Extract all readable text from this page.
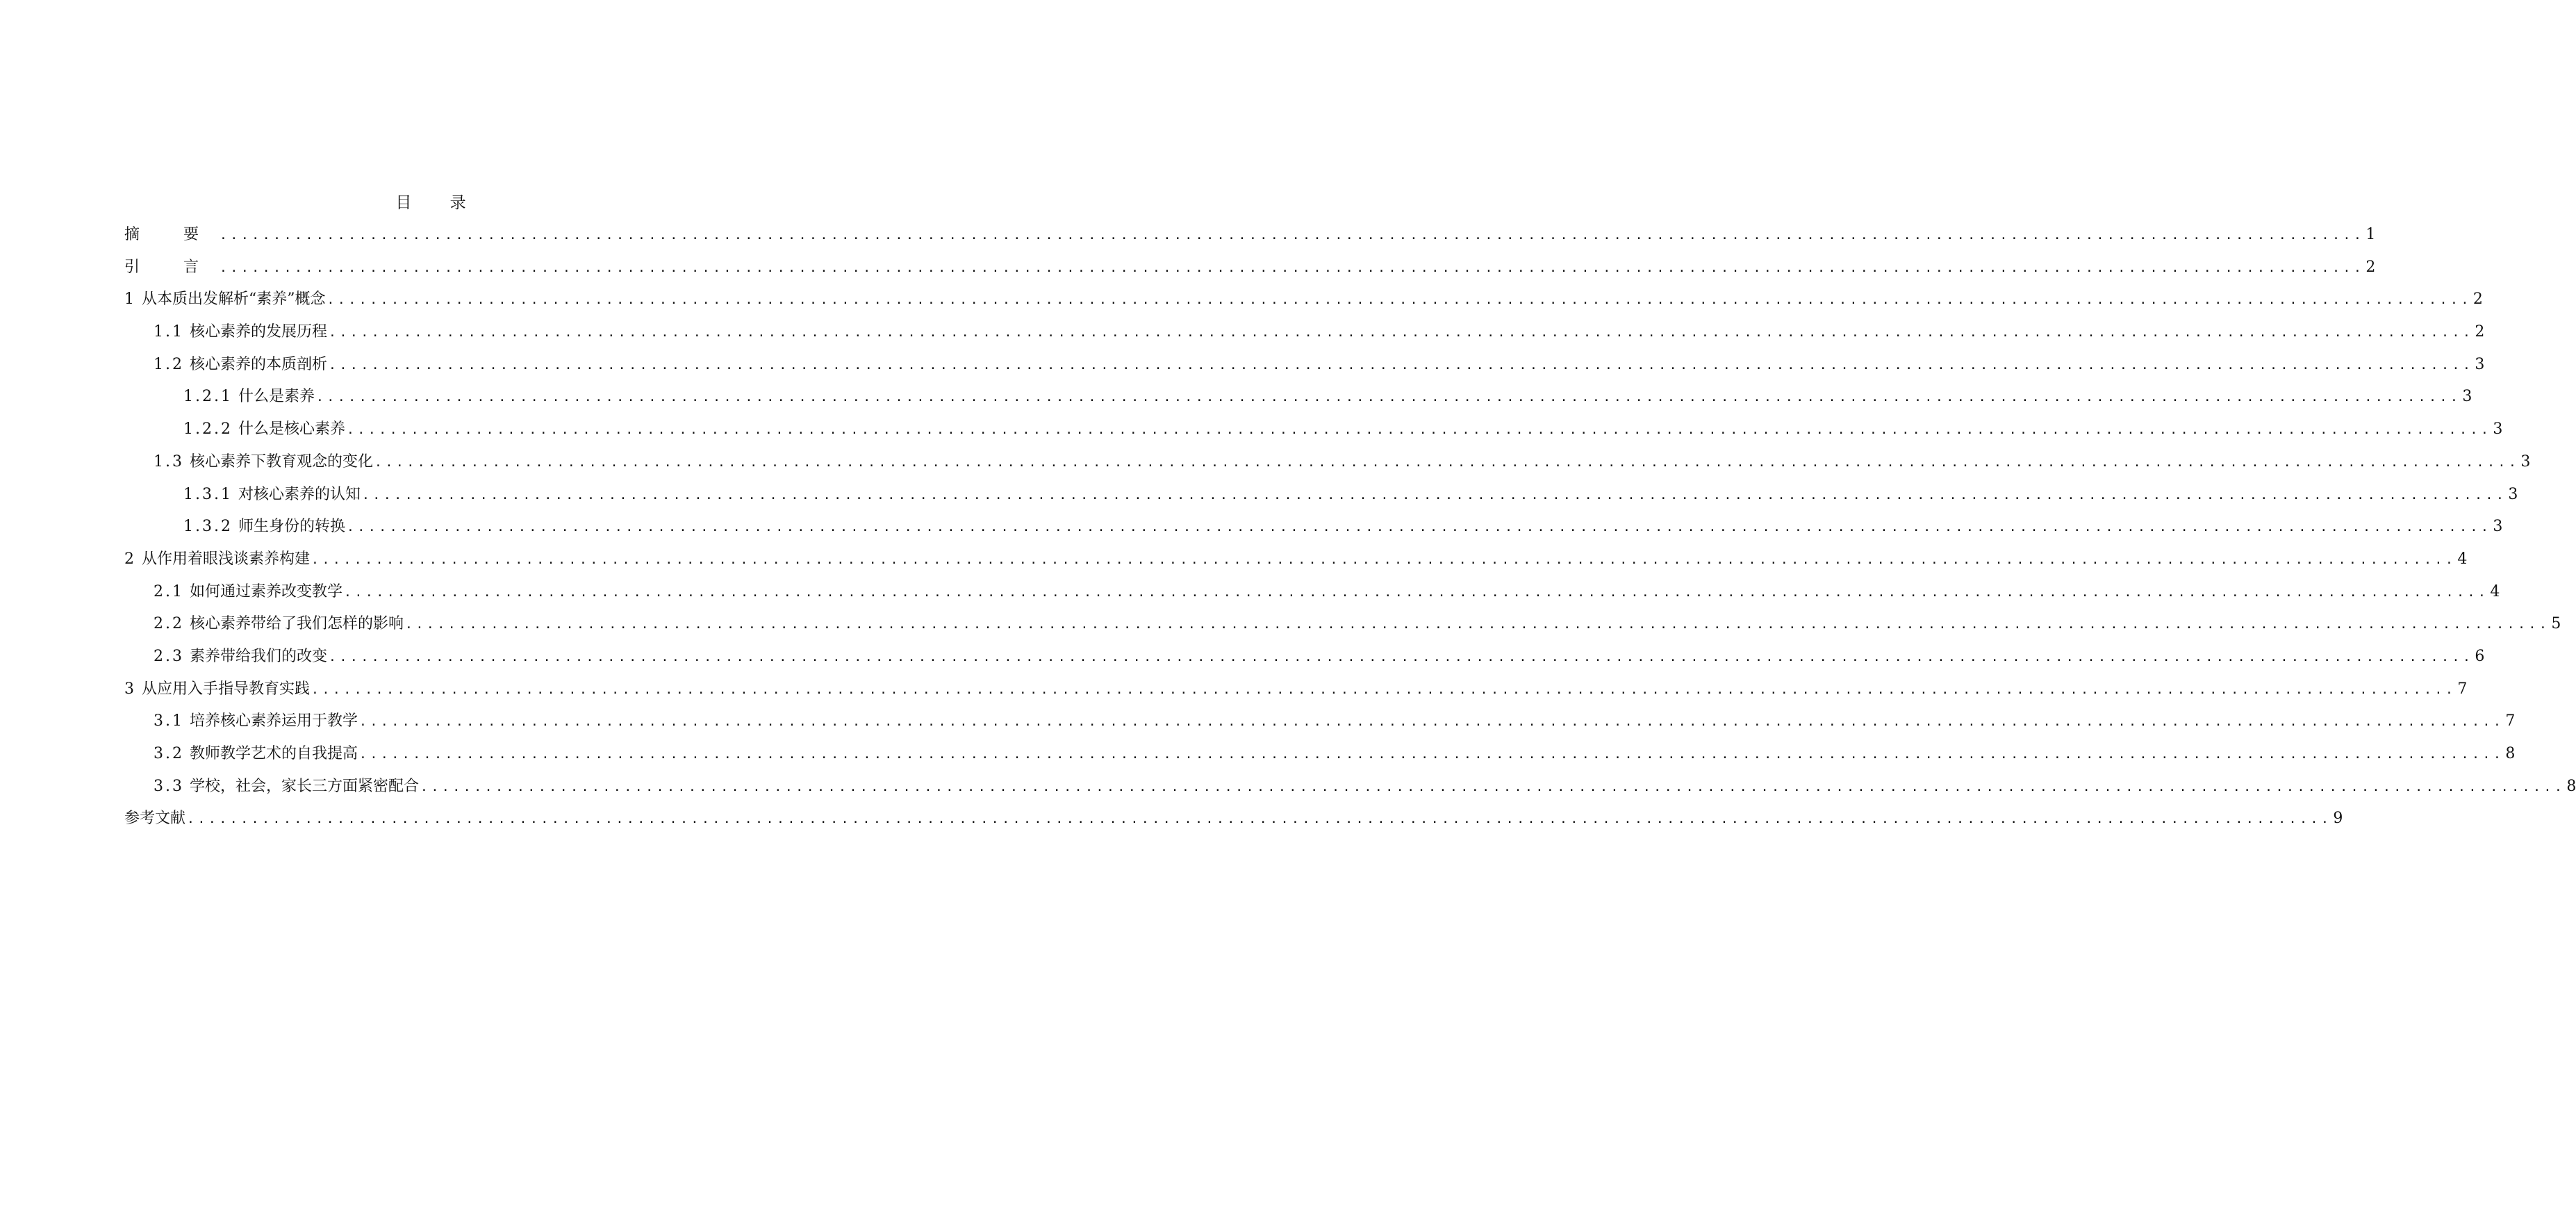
目 录
摘 要 ........................................................................................................................................................................................................ 1
引 言 ........................................................................................................................................................................................................ 2
1 从本质出发解析“素养”概念 ........................................................................................................................................................................................................ 2
1.1 核心素养的发展历程 ........................................................................................................................................................................................................ 2
1.2 核心素养的本质剖析 ........................................................................................................................................................................................................ 3
1.2.1 什么是素养 ........................................................................................................................................................................................................ 3
1.2.2 什么是核心素养 ........................................................................................................................................................................................................ 3
1.3 核心素养下教育观念的变化 ........................................................................................................................................................................................................ 3
1.3.1 对核心素养的认知 ........................................................................................................................................................................................................ 3
1.3.2 师生身份的转换 ........................................................................................................................................................................................................ 3
2 从作用着眼浅谈素养构建 ........................................................................................................................................................................................................ 4
2.1 如何通过素养改变教学 ........................................................................................................................................................................................................ 4
2.2 核心素养带给了我们怎样的影响 ........................................................................................................................................................................................................ 5
2.3 素养带给我们的改变 ........................................................................................................................................................................................................ 6
3 从应用入手指导教育实践 ........................................................................................................................................................................................................ 7
3.1 培养核心素养运用于教学 ........................................................................................................................................................................................................ 7
3.2 教师教学艺术的自我提高 ........................................................................................................................................................................................................ 8
3.3 学校，社会，家长三方面紧密配合 ........................................................................................................................................................................................................ 8
参考文献 ........................................................................................................................................................................................................ 9
